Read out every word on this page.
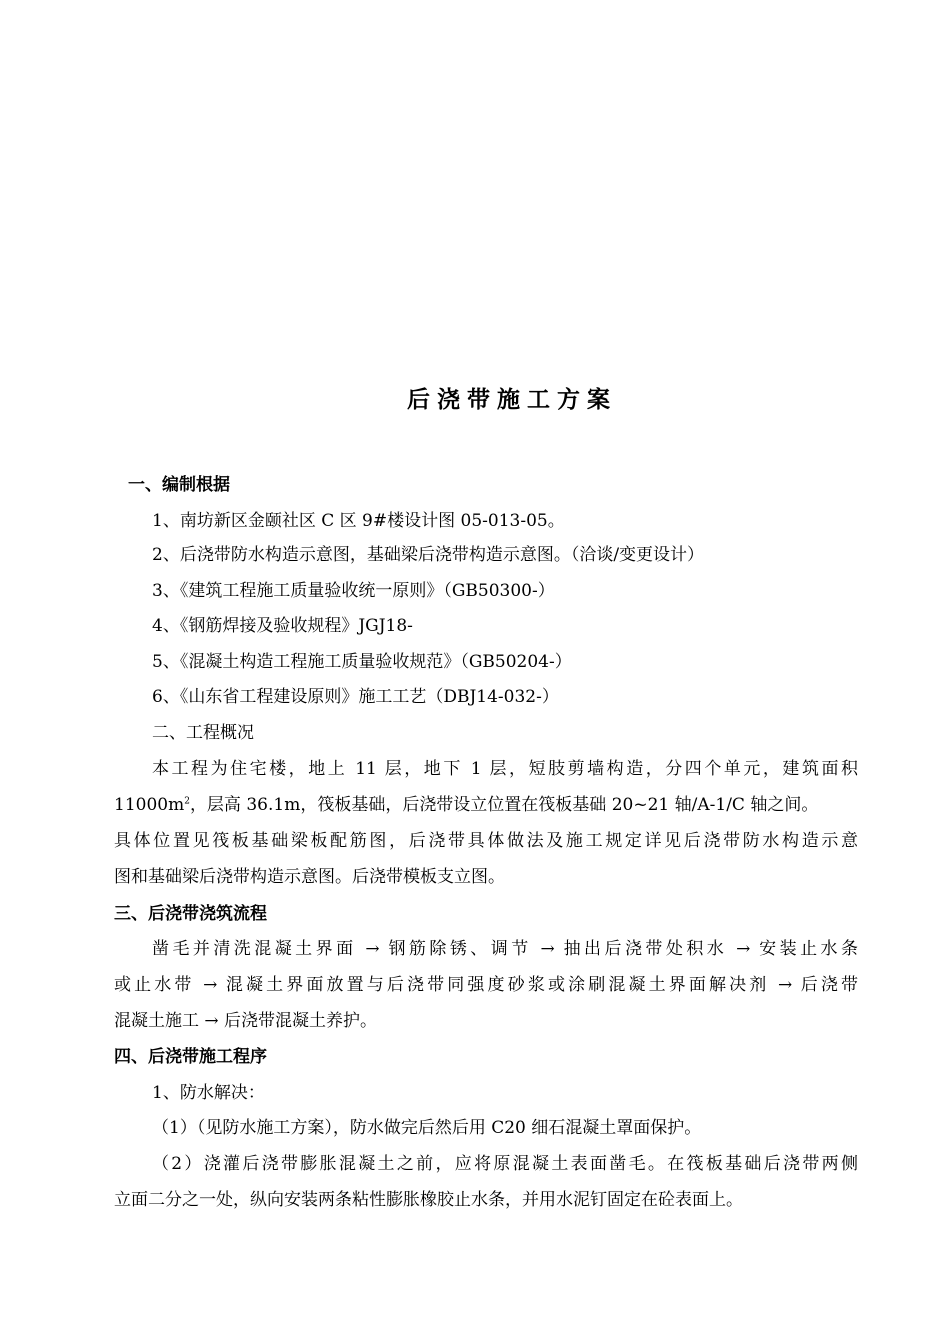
后浇带施工方案
一、编制根据
1、南坊新区金颐社区 C 区 9#楼设计图 05-013-05。
2、后浇带防水构造示意图，基础梁后浇带构造示意图。（洽谈/变更设计）
3、《建筑工程施工质量验收统一原则》（GB50300-）
4、《钢筋焊接及验收规程》JGJ18-
5、《混凝土构造工程施工质量验收规范》（GB50204-）
6、《山东省工程建设原则》施工工艺（DBJ14-032-）
二、工程概况
本工程为住宅楼，地上 11 层，地下 1 层，短肢剪墙构造，分四个单元，建筑面积
$11000m^2$，层高 36.1m，筏板基础，后浇带设立位置在筏板基础 20~21 轴/A-1/C 轴之间。
具体位置见筏板基础梁板配筋图，后浇带具体做法及施工规定详见后浇带防水构造示意
图和基础梁后浇带构造示意图。后浇带模板支立图。
三、后浇带浇筑流程
凿毛并清洗混凝土界面 → 钢筋除锈、调节 → 抽出后浇带处积水 → 安装止水条
或止水带 → 混凝土界面放置与后浇带同强度砂浆或涂刷混凝土界面解决剂 → 后浇带
混凝土施工 → 后浇带混凝土养护。
四、后浇带施工程序
1、防水解决：
（1）（见防水施工方案），防水做完后然后用 C20 细石混凝土罩面保护。
（2）浇灌后浇带膨胀混凝土之前，应将原混凝土表面凿毛。在筏板基础后浇带两侧
立面二分之一处，纵向安装两条粘性膨胀橡胶止水条，并用水泥钉固定在砼表面上。
